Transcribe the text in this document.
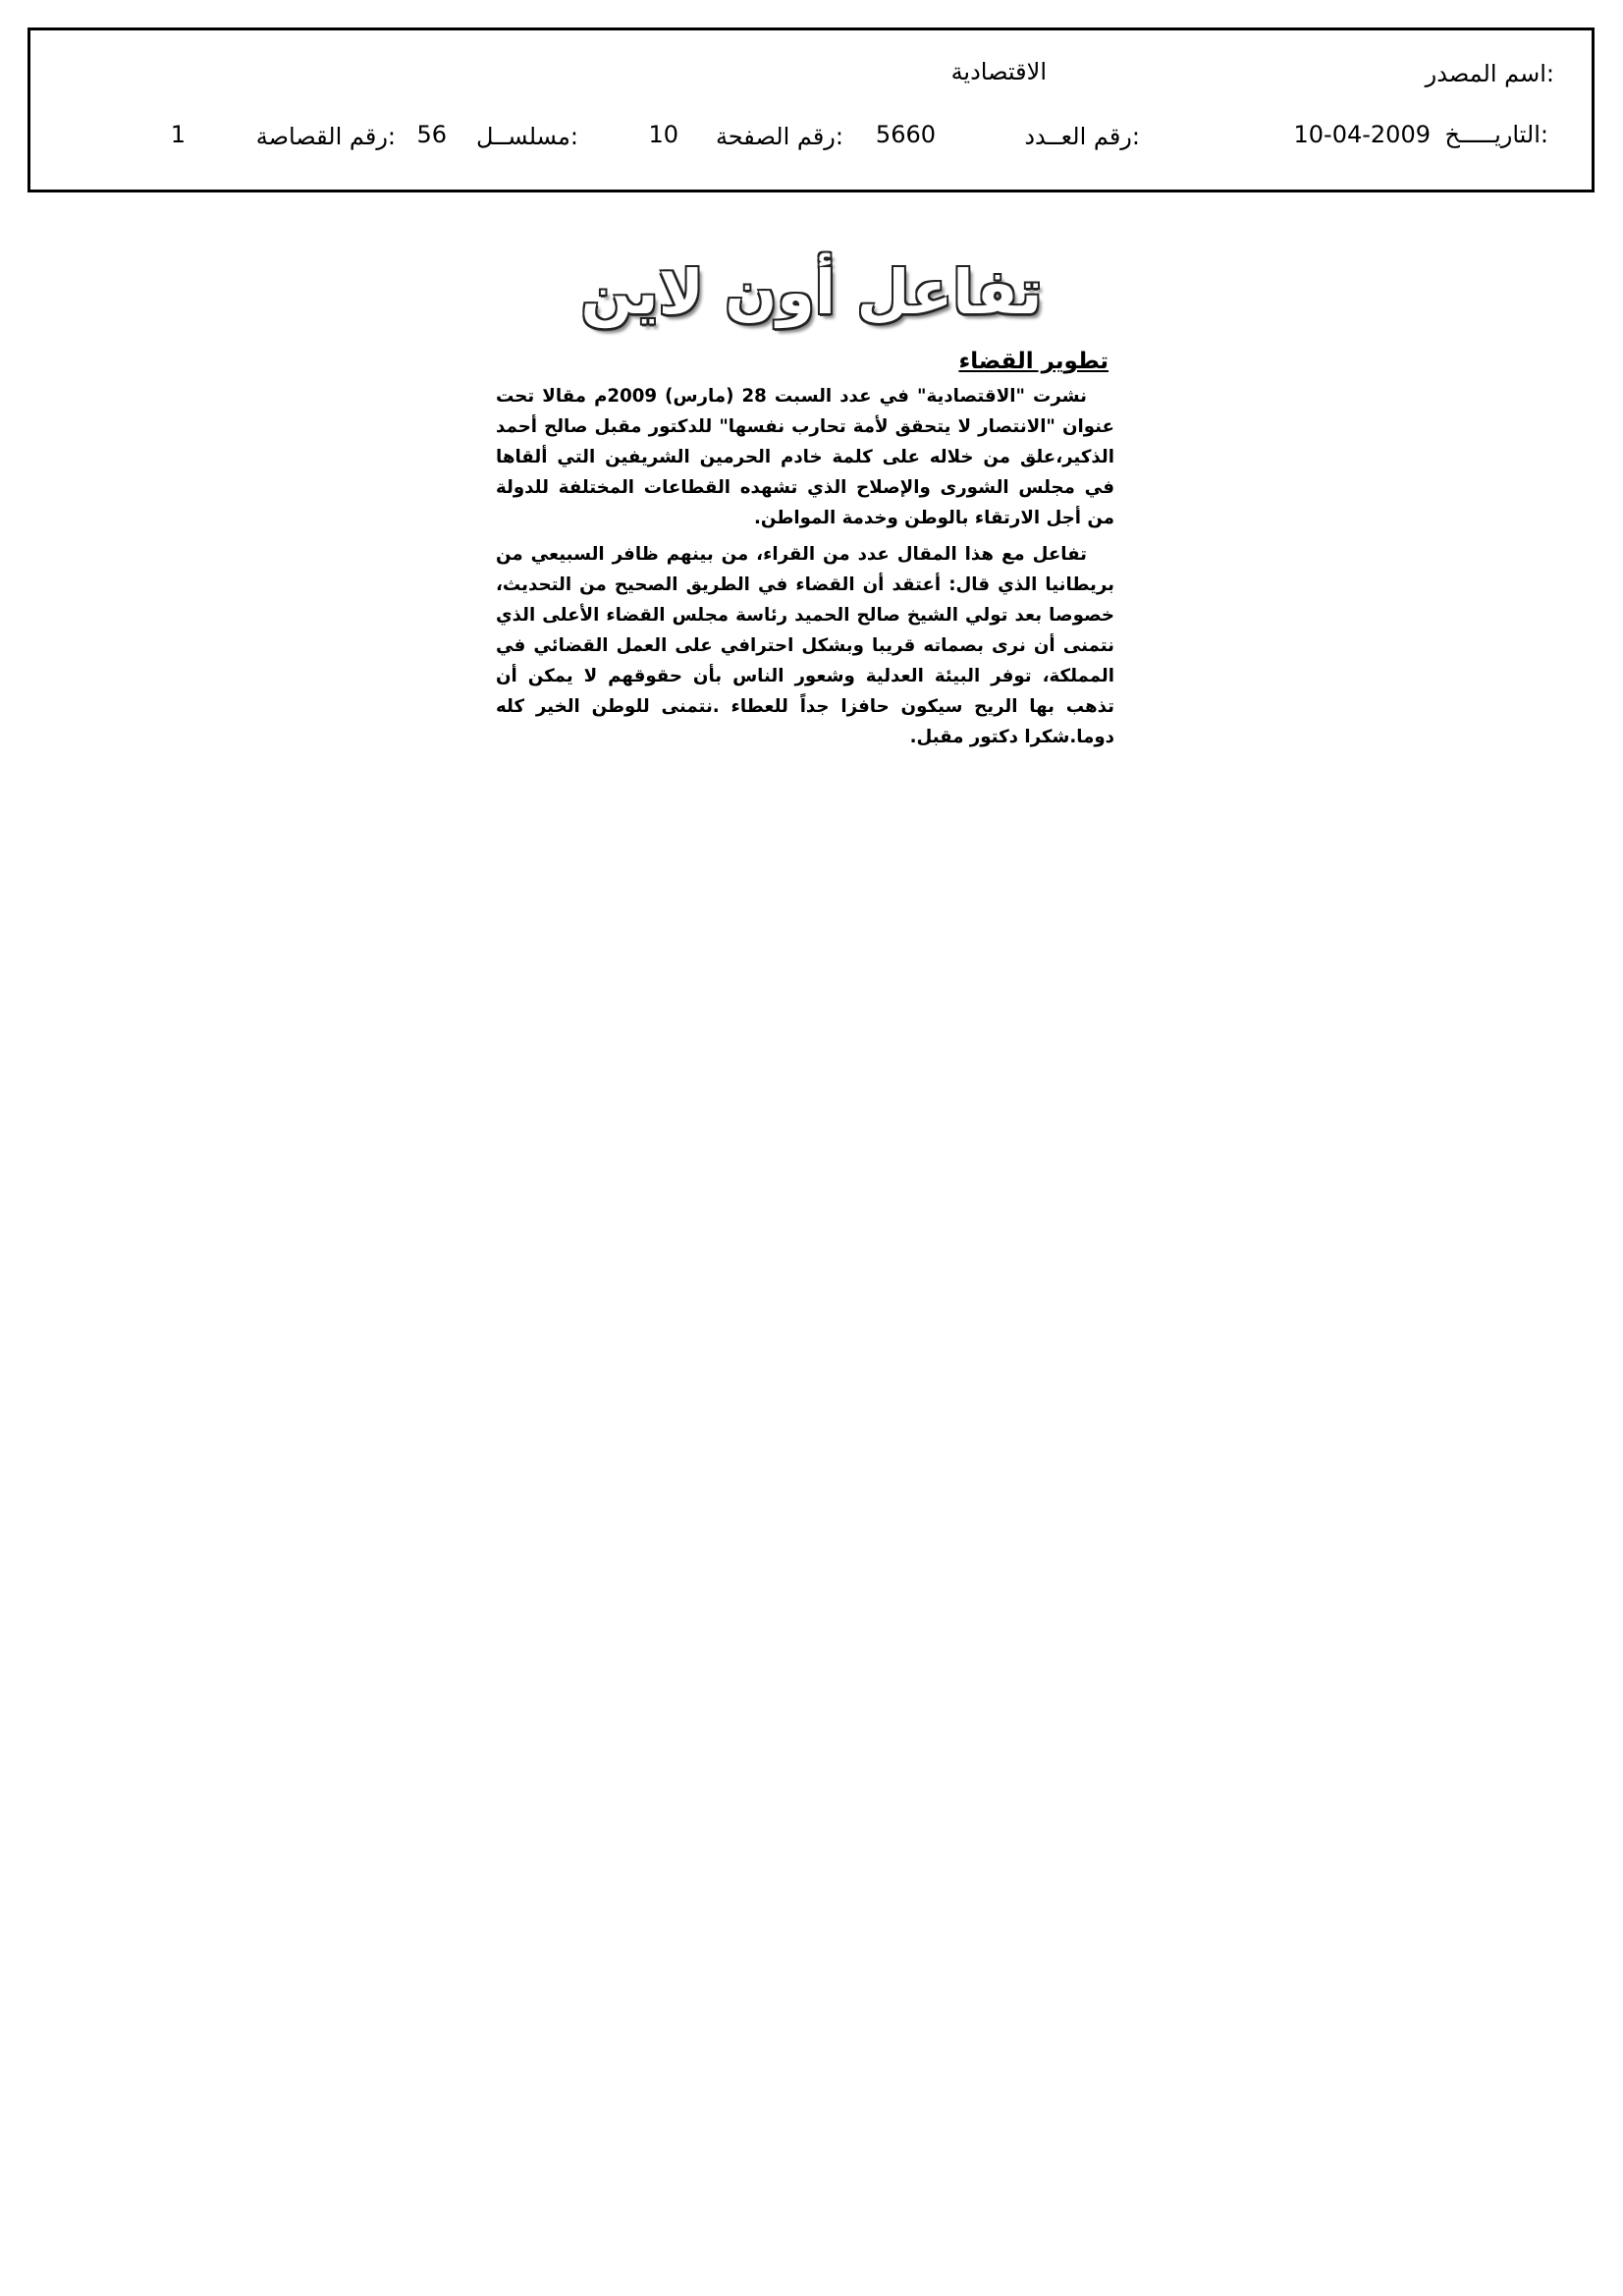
اسم المصدر:
الاقتصادية
التاريـــــخ:
10-04-2009
رقم العــدد:
5660
رقم الصفحة:
10
مسلســل:
56
رقم القصاصة:
1
تفاعل أون لاين
تطوير القضاء

نشرت "الاقتصادية" في عدد السبت 28 (مارس) 2009م مقالا تحت عنوان "الانتصار لا يتحقق لأمة تحارب نفسها" للدكتور مقبل صالح أحمد الذكير،علق من خلاله على كلمة خادم الحرمين الشريفين التي ألقاها في مجلس الشورى والإصلاح الذي تشهده القطاعات المختلفة للدولة من أجل الارتقاء بالوطن وخدمة المواطن.

تفاعل مع هذا المقال عدد من القراء، من بينهم ظافر السبيعي من بريطانيا الذي قال: أعتقد أن القضاء في الطريق الصحيح من التحديث، خصوصا بعد تولي الشيخ صالح الحميد رئاسة مجلس القضاء الأعلى الذي نتمنى أن نرى بصماته قريبا وبشكل احترافي على العمل القضائي في المملكة، توفر البيئة العدلية وشعور الناس بأن حقوقهم لا يمكن أن تذهب بها الريح سيكون حافزا جداً للعطاء .نتمنى للوطن الخير كله دوما.شكرا دكتور مقبل.
